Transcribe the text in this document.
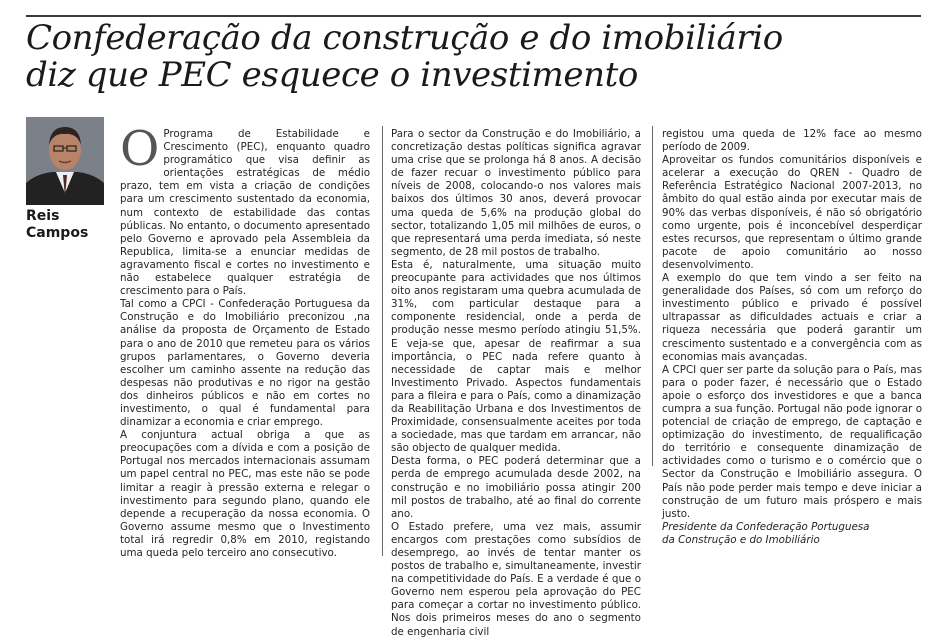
Confederação da construção e do imobiliário
diz que PEC esquece o investimento
Reis
Campos
O Programa de Estabilidade e Crescimento (PEC), enquanto quadro programático que visa definir as orientações estratégicas de médio prazo, tem em vista a criação de condições para um crescimento sustentado da economia, num contexto de estabilidade das contas públicas. No entanto, o documento apresentado pelo Governo e aprovado pela Assembleia da Republica, limita-se a enunciar medidas de agravamento fiscal e cortes no investimento e não estabelece qualquer estratégia de crescimento para o País.

Tal como a CPCI - Confederação Portuguesa da Construção e do Imobiliário preconizou ,na análise da proposta de Orçamento de Estado para o ano de 2010 que remeteu para os vários grupos parlamentares, o Governo deveria escolher um caminho assente na redução das despesas não produtivas e no rigor na gestão dos dinheiros públicos e não em cortes no investimento, o qual é fundamental para dinamizar a economia e criar emprego.

A conjuntura actual obriga a que as preocupações com a dívida e com a posição de Portugal nos mercados internacionais assumam um papel central no PEC, mas este não se pode limitar a reagir à pressão externa e relegar o investimento para segundo plano, quando ele depende a recuperação da nossa economia. O Governo assume mesmo que o Investimento total irá regredir 0,8% em 2010, registando uma queda pelo terceiro ano consecutivo.

Para o sector da Construção e do Imobiliário, a concretização destas políticas significa agravar uma crise que se prolonga há 8 anos. A decisão de fazer recuar o investimento público para níveis de 2008, colocando-o nos valores mais baixos dos últimos 30 anos, deverá provocar uma queda de 5,6% na produção global do sector, totalizando 1,05 mil milhões de euros, o que representará uma perda imediata, só neste segmento, de 28 mil postos de trabalho.

Esta é, naturalmente, uma situação muito preocupante para actividades que nos últimos oito anos registaram uma quebra acumulada de 31%, com particular destaque para a componente residencial, onde a perda de produção nesse mesmo período atingiu 51,5%. E veja-se que, apesar de reafirmar a sua importância, o PEC nada refere quanto à necessidade de captar mais e melhor Investimento Privado. Aspectos fundamentais para a fileira e para o País, como a dinamização da Reabilitação Urbana e dos Investimentos de Proximidade, consensualmente aceites por toda a sociedade, mas que tardam em arrancar, não são objecto de qualquer medida.

Desta forma, o PEC poderá determinar que a perda de emprego acumulada desde 2002, na construção e no imobiliário possa atingir 200 mil postos de trabalho, até ao final do corrente ano.

O Estado prefere, uma vez mais, assumir encargos com prestações como subsídios de desemprego, ao invés de tentar manter os postos de trabalho e, simultaneamente, investir na competitividade do País. E a verdade é que o Governo nem esperou pela aprovação do PEC para começar a cortar no investimento público. Nos dois primeiros meses do ano o segmento de engenharia civil

registou uma queda de 12% face ao mesmo período de 2009.

Aproveitar os fundos comunitários disponíveis e acelerar a execução do QREN - Quadro de Referência Estratégico Nacional 2007-2013, no âmbito do qual estão ainda por executar mais de 90% das verbas disponíveis, é não só obrigatório como urgente, pois é inconcebível desperdiçar estes recursos, que representam o último grande pacote de apoio comunitário ao nosso desenvolvimento.

A exemplo do que tem vindo a ser feito na generalidade dos Países, só com um reforço do investimento público e privado é possível ultrapassar as dificuldades actuais e criar a riqueza necessária que poderá garantir um crescimento sustentado e a convergência com as economias mais avançadas.

A CPCI quer ser parte da solução para o País, mas para o poder fazer, é necessário que o Estado apoie o esforço dos investidores e que a banca cumpra a sua função. Portugal não pode ignorar o potencial de criação de emprego, de captação e optimização do investimento, de requalificação do território e consequente dinamização de actividades como o turismo e o comércio que o Sector da Construção e Imobiliário assegura. O País não pode perder mais tempo e deve iniciar a construção de um futuro mais próspero e mais justo.

Presidente da Confederação Portuguesa

da Construção e do Imobiliário
